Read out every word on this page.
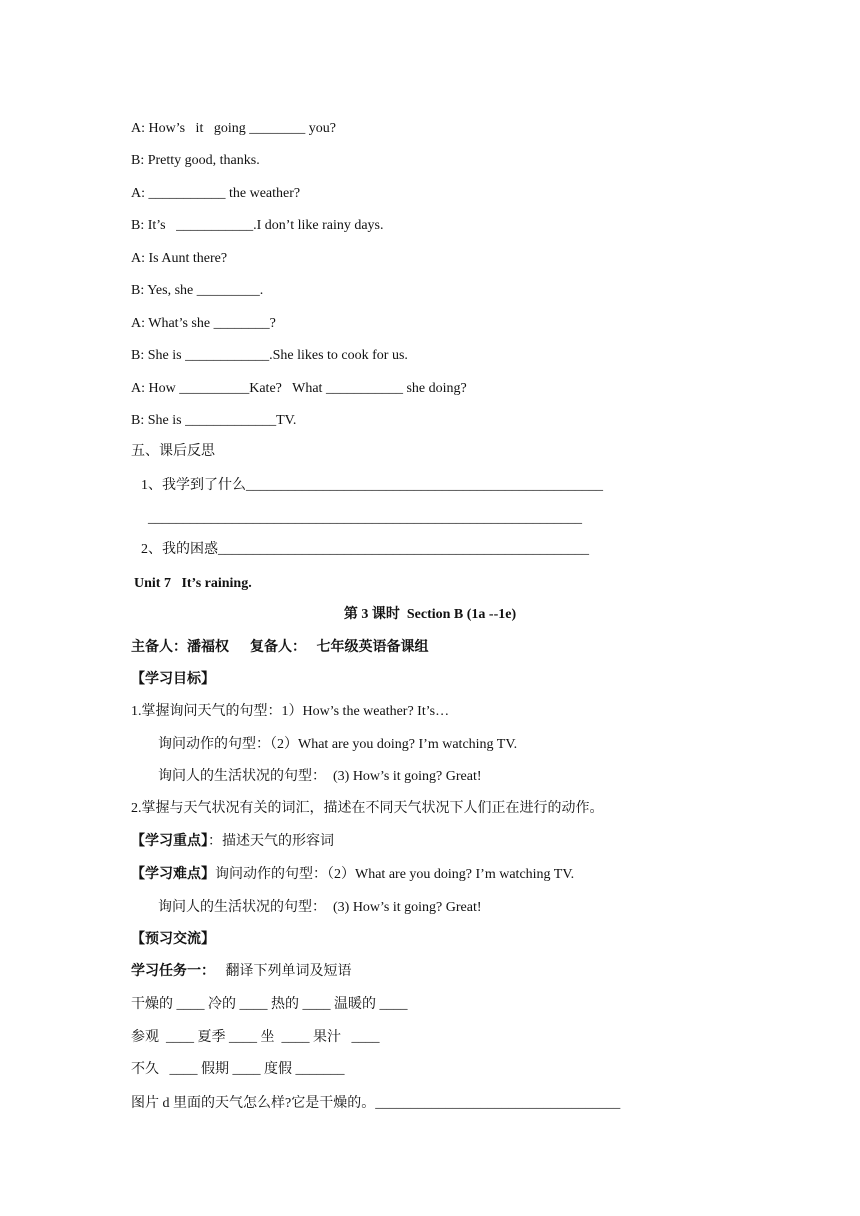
A: How’s   it   going ________ you?
B: Pretty good, thanks.
A: ___________ the weather?
B: It’s   ___________.I don’t like rainy days.
A: Is Aunt there?
B: Yes, she _________.
A: What’s she ________?
B: She is ____________.She likes to cook for us.
A: How __________Kate?   What ___________ she doing?
B: She is _____________TV.
五、课后反思
1、我学到了什么___________________________________________________
______________________________________________________________
2、我的困惑_____________________________________________________
Unit 7   It’s raining.
第 3 课时  Section B (1a --1e)
主备人：潘福权      复备人：   七年级英语备课组
【学习目标】
1.掌握询问天气的句型：1）How’s the weather? It’s…
询问动作的句型：（2）What are you doing? I’m watching TV.
询问人的生活状况的句型：  (3) How’s it going? Great!
2.掌握与天气状况有关的词汇，描述在不同天气状况下人们正在进行的动作。
【学习重点】：描述天气的形容词
【学习难点】询问动作的句型：（2）What are you doing? I’m watching TV.
询问人的生活状况的句型：  (3) How’s it going? Great!
【预习交流】
学习任务一：   翻译下列单词及短语
干燥的 ____ 冷的 ____ 热的 ____ 温暖的 ____
参观  ____ 夏季 ____ 坐  ____ 果汁   ____
不久   ____ 假期 ____ 度假 _______
图片 d 里面的天气怎么样?它是干燥的。___________________________________
